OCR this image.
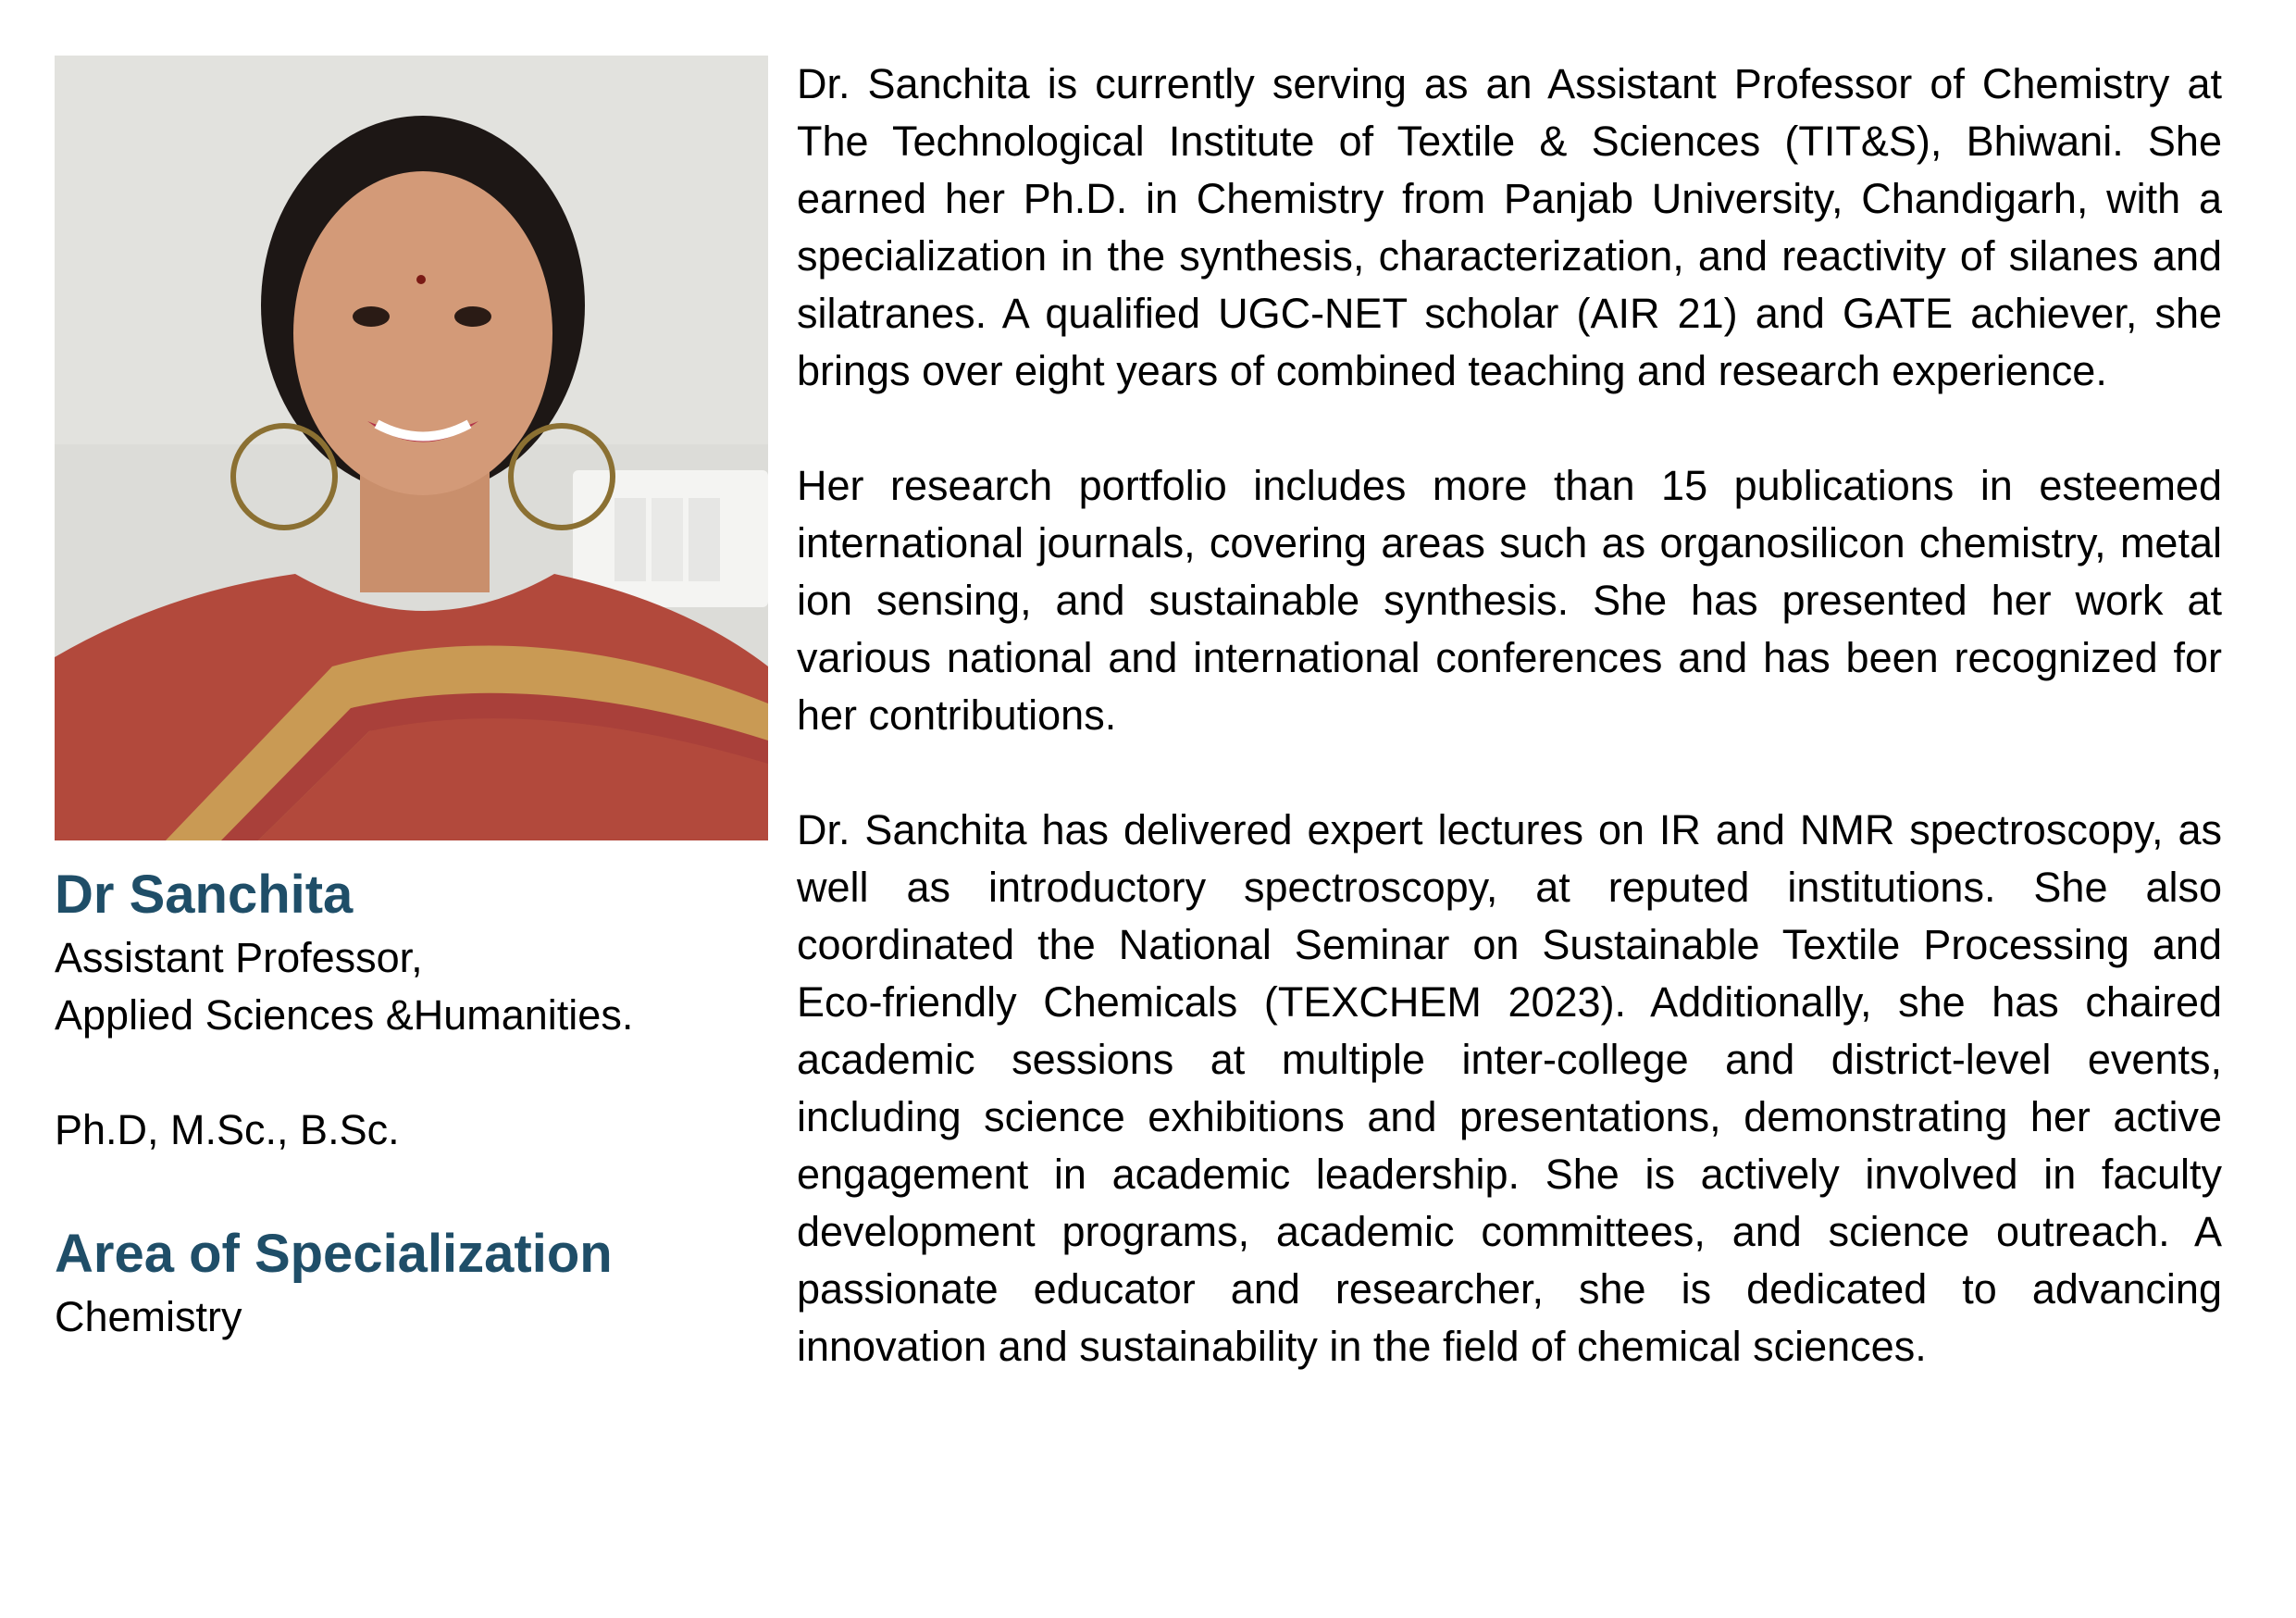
Dr Sanchita

Assistant Professor,

Applied Sciences &Humanities.

Ph.D, M.Sc., B.Sc.

Area of Specialization

Chemistry

Dr. Sanchita is currently serving as an Assistant Professor of Chemistry at The Technological Institute of Textile & Sciences (TIT&S), Bhiwani. She earned her Ph.D. in Chemistry from Panjab University, Chandigarh, with a specialization in the synthesis, characterization, and reactivity of silanes and silatranes. A qualified UGC-NET scholar (AIR 21) and GATE achiever, she brings over eight years of combined teaching and research experience.

Her research portfolio includes more than 15 publications in esteemed international journals, covering areas such as organosilicon chemistry, metal ion sensing, and sustainable synthesis. She has presented her work at various national and international conferences and has been recognized for her contributions.

Dr. Sanchita has delivered expert lectures on IR and NMR spectroscopy, as well as introductory spectroscopy, at reputed institutions. She also coordinated the National Seminar on Sustainable Textile Processing and Eco-friendly Chemicals (TEXCHEM 2023). Additionally, she has chaired academic sessions at multiple inter-college and district-level events, including science exhibitions and presentations, demonstrating her active engagement in academic leadership. She is actively involved in faculty development programs, academic committees, and science outreach. A passionate educator and researcher, she is dedicated to advancing innovation and sustainability in the field of chemical sciences.
